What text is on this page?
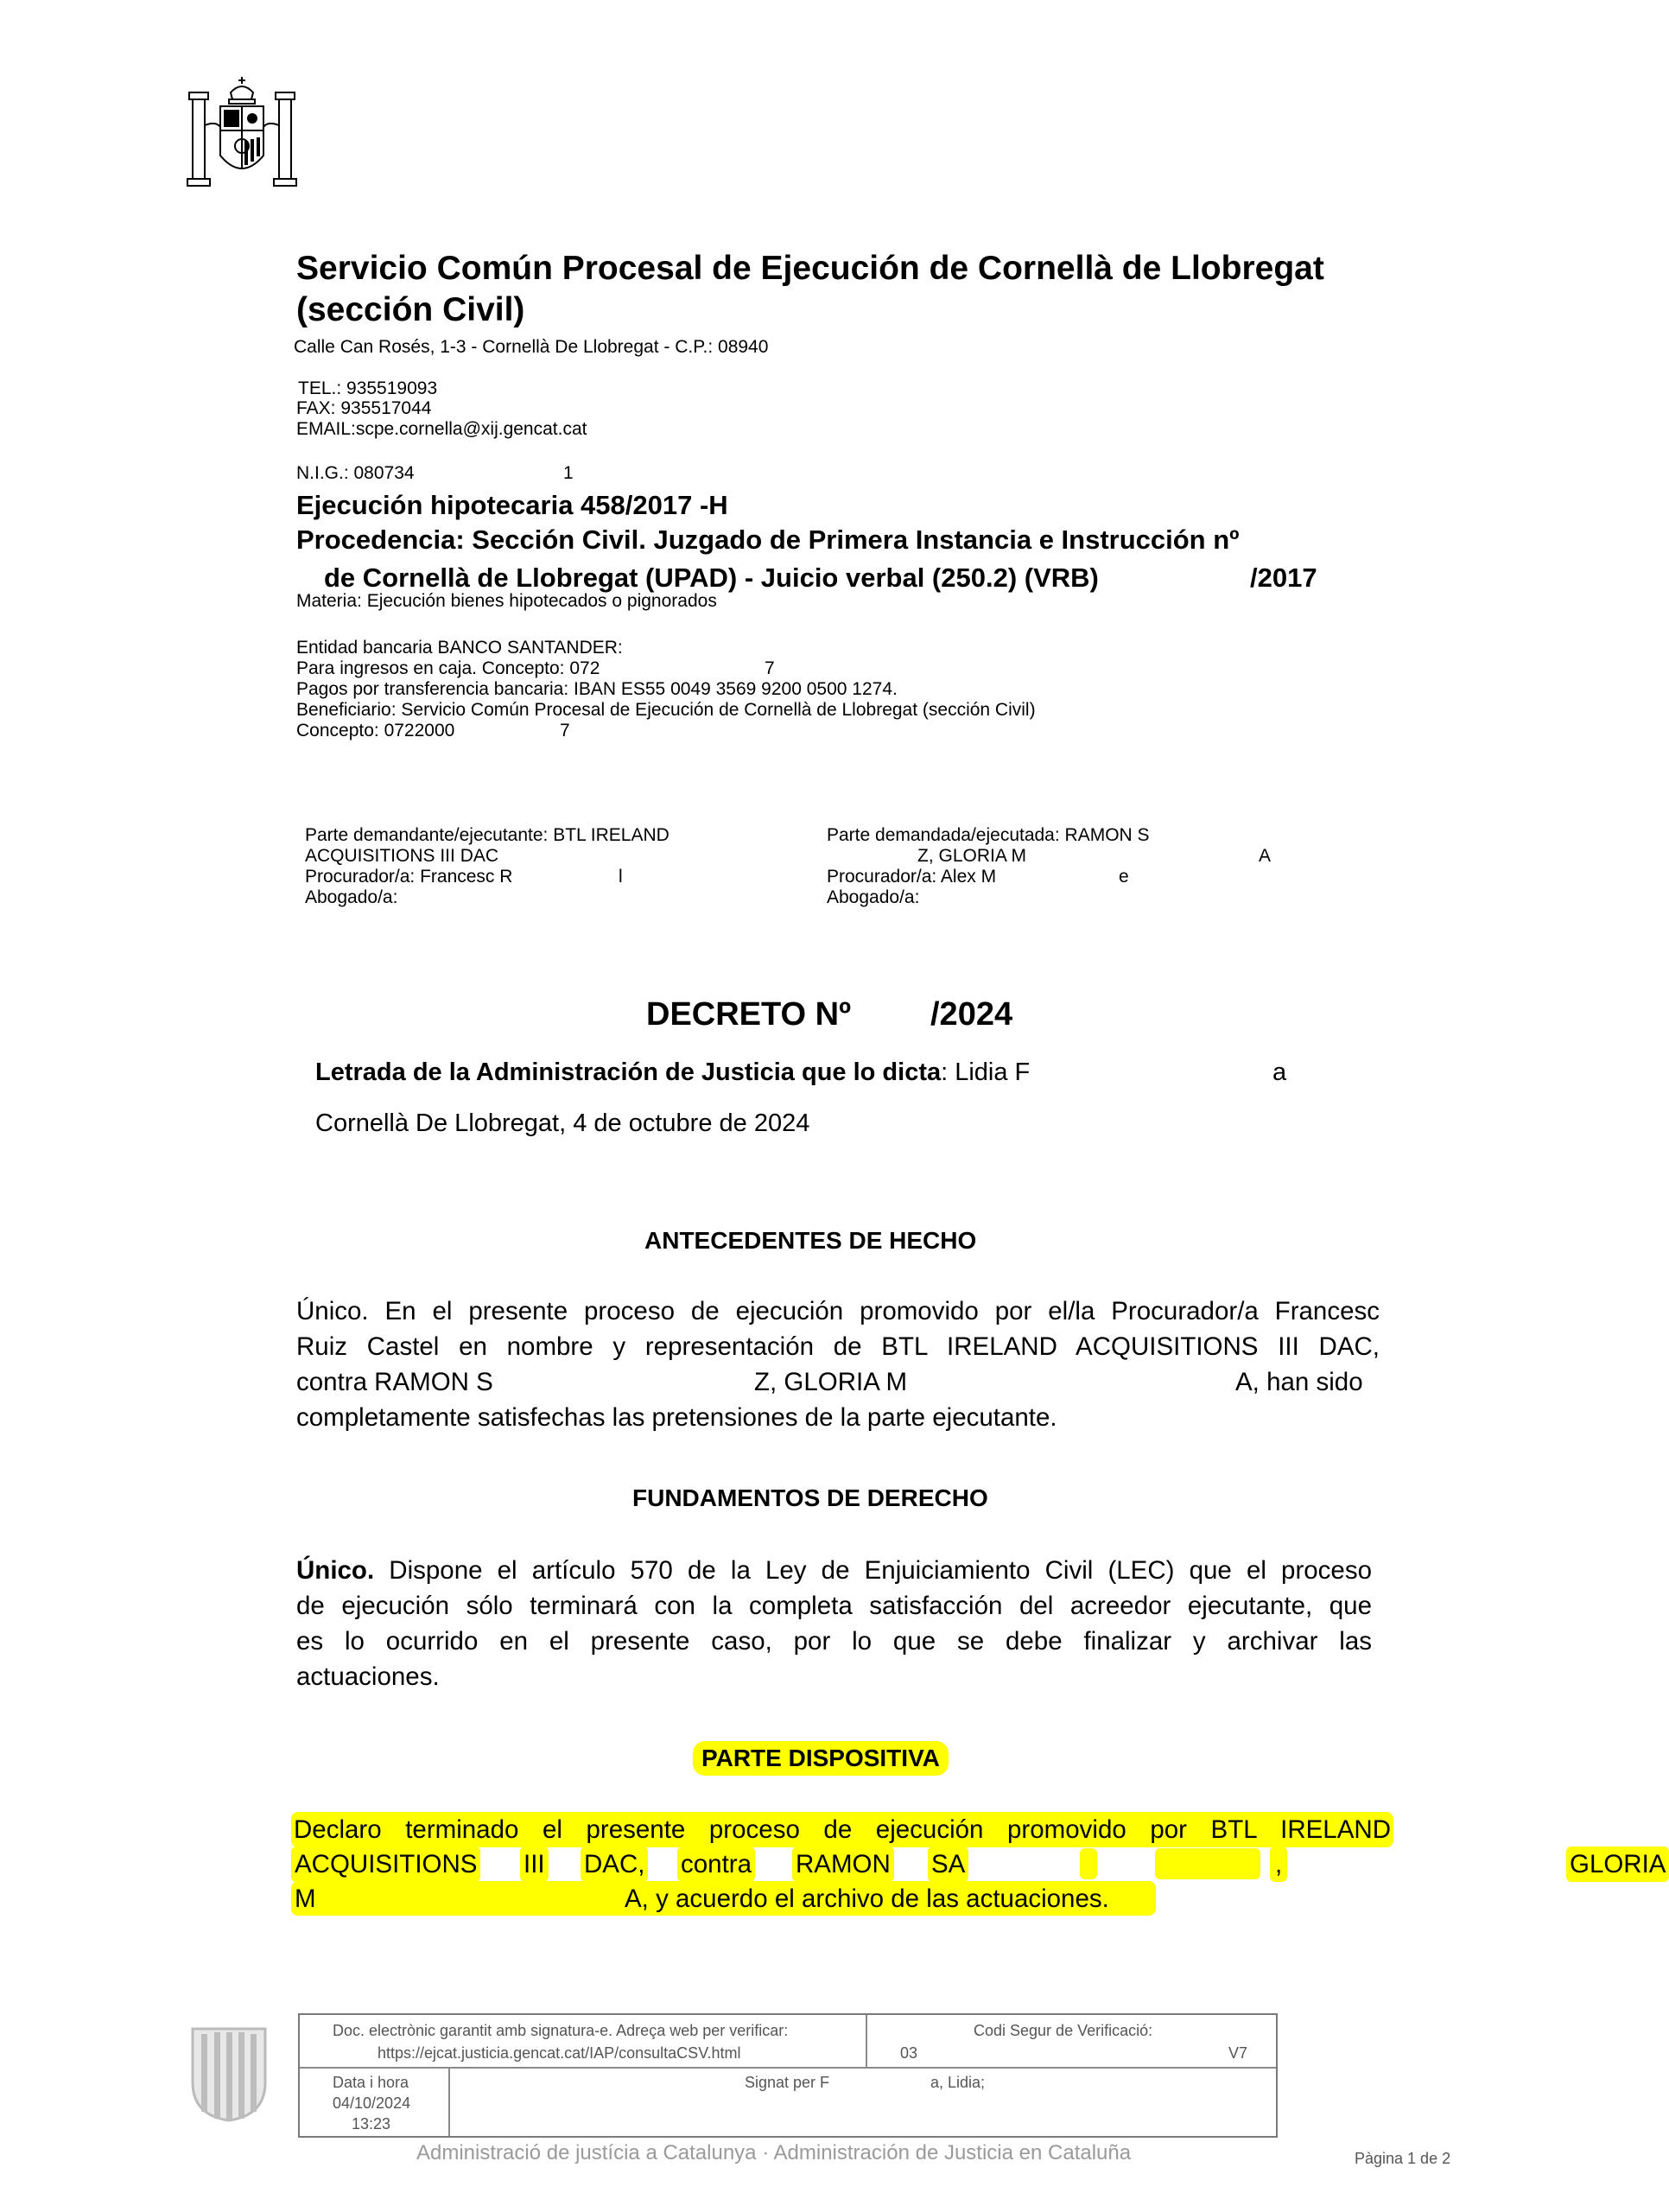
Servicio Común Procesal de Ejecución de Cornellà de Llobregat
(sección Civil)
Calle Can Rosés, 1-3 - Cornellà De Llobregat - C.P.: 08940
TEL.: 935519093
FAX: 935517044
EMAIL:scpe.cornella@xij.gencat.cat
N.I.G.: 080734	1
Ejecución hipotecaria 458/2017 -H
Procedencia: Sección Civil. Juzgado de Primera Instancia e Instrucción nº
de Cornellà de Llobregat (UPAD) - Juicio verbal (250.2) (VRB)	/2017
Materia: Ejecución bienes hipotecados o pignorados
Entidad bancaria BANCO SANTANDER:
Para ingresos en caja. Concepto: 072	7
Pagos por transferencia bancaria: IBAN ES55 0049 3569 9200 0500 1274.
Beneficiario: Servicio Común Procesal de Ejecución de Cornellà de Llobregat (sección Civil)
Concepto: 0722000	7
Parte demandante/ejecutante: BTL IRELAND
ACQUISITIONS III DAC
Procurador/a: Francesc R	l
Abogado/a:
Parte demandada/ejecutada: RAMON S
Z, GLORIA M	A
Procurador/a: Alex M	e
Abogado/a:
DECRETO Nº /2024
Letrada de la Administración de Justicia que lo dicta: Lidia F	a
Cornellà De Llobregat, 4 de octubre de 2024
ANTECEDENTES DE HECHO
Único. En el presente proceso de ejecución promovido por el/la Procurador/a Francesc
Ruiz Castel en nombre y representación de BTL IRELAND ACQUISITIONS III DAC,
contra RAMON S	Z, GLORIA M	A, han sido
completamente satisfechas las pretensiones de la parte ejecutante.
FUNDAMENTOS DE DERECHO
Único. Dispone el artículo 570 de la Ley de Enjuiciamiento Civil (LEC) que el proceso
de ejecución sólo terminará con la completa satisfacción del acreedor ejecutante, que
es lo ocurrido en el presente caso, por lo que se debe finalizar y archivar las
actuaciones.
PARTE DISPOSITIVA
Declaro terminado el presente proceso de ejecución promovido por BTL IRELAND
ACQUISITIONS III DAC, contra RAMON SA	,	GLORIA
M	A, y acuerdo el archivo de las actuaciones.
Doc. electrònic garantit amb signatura-e. Adreça web per verificar:
https://ejcat.justicia.gencat.cat/IAP/consultaCSV.html
Codi Segur de Verificació:
03	V7
Data i hora
04/10/2024
13:23
Signat per F	a, Lidia;
Administració de justícia a Catalunya · Administración de Justicia en Cataluña	Pàgina 1 de 2
